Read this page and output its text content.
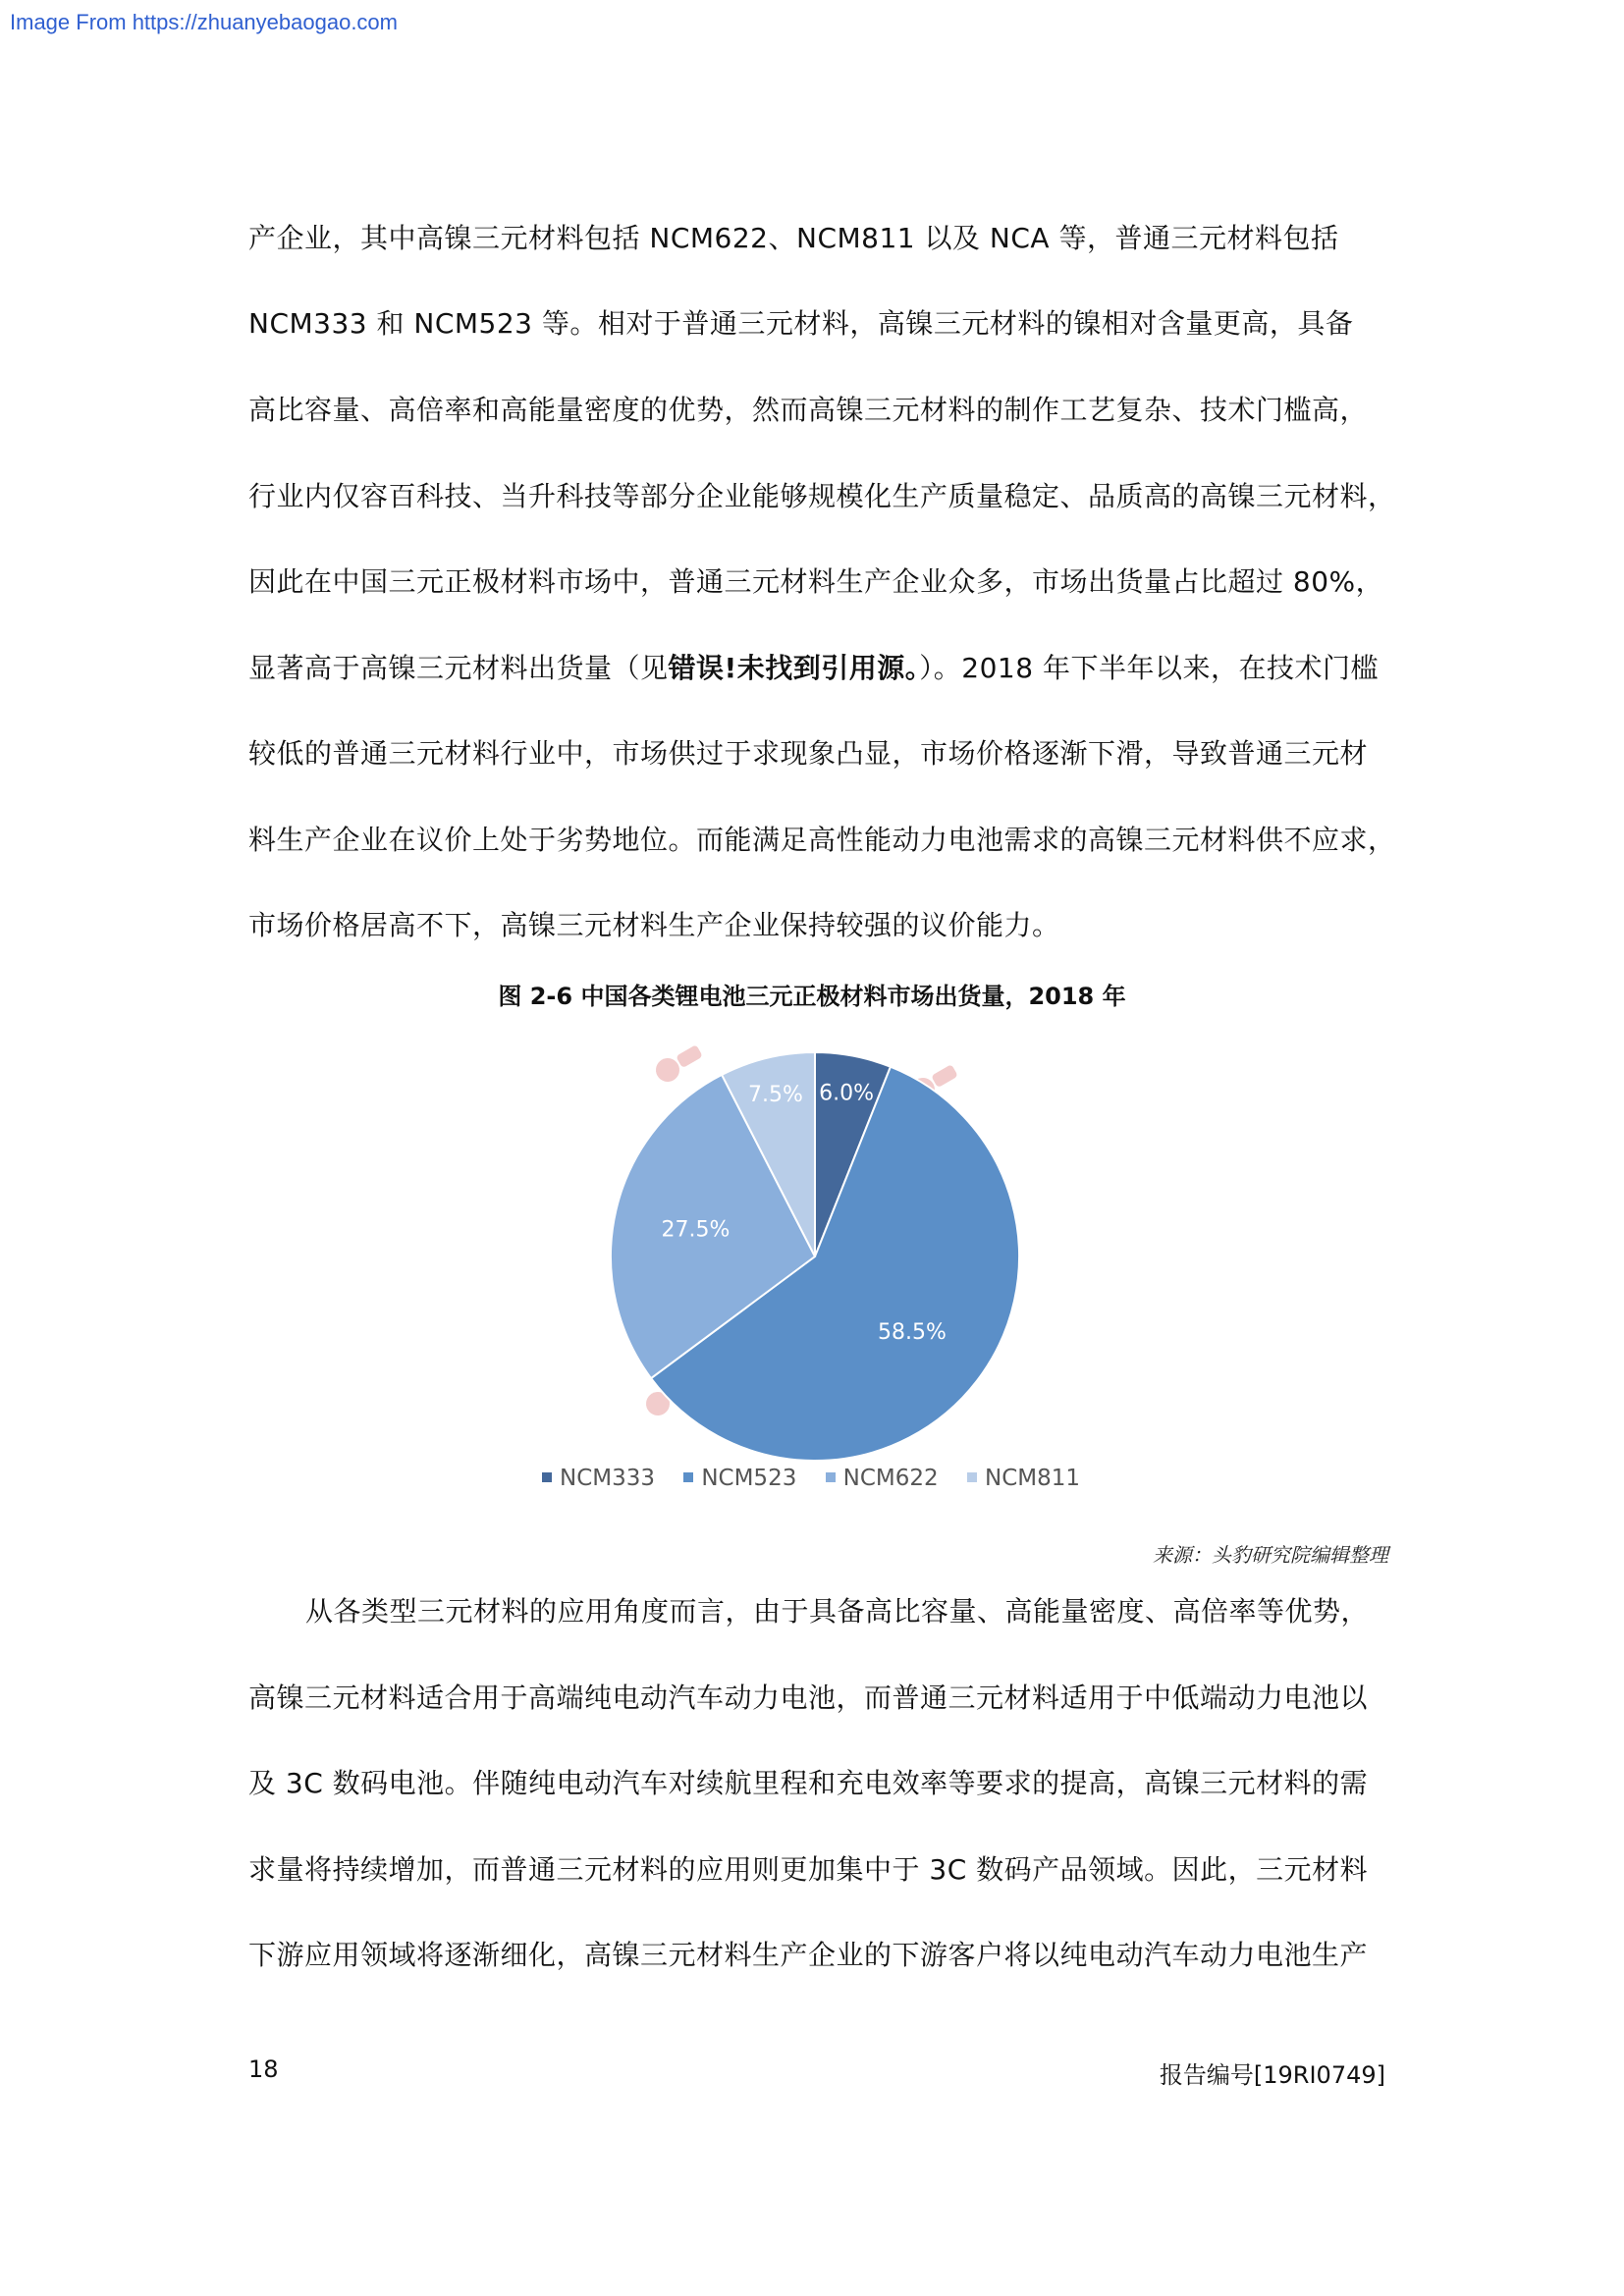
Image From https://zhuanyebaogao.com
产企业，其中高镍三元材料包括 NCM622、NCM811 以及 NCA 等，普通三元材料包括
NCM333 和 NCM523 等。相对于普通三元材料，高镍三元材料的镍相对含量更高，具备
高比容量、高倍率和高能量密度的优势，然而高镍三元材料的制作工艺复杂、技术门槛高，
行业内仅容百科技、当升科技等部分企业能够规模化生产质量稳定、品质高的高镍三元材料，
因此在中国三元正极材料市场中，普通三元材料生产企业众多，市场出货量占比超过 80%，
显著高于高镍三元材料出货量（见错误!未找到引用源。）。2018 年下半年以来，在技术门槛
较低的普通三元材料行业中，市场供过于求现象凸显，市场价格逐渐下滑，导致普通三元材
料生产企业在议价上处于劣势地位。而能满足高性能动力电池需求的高镍三元材料供不应求，
市场价格居高不下，高镍三元材料生产企业保持较强的议价能力。
图 2-6 中国各类锂电池三元正极材料市场出货量，2018 年
6.0%
58.5%
27.5%
7.5%
NCM333 NCM523 NCM622 NCM811
来源：头豹研究院编辑整理
从各类型三元材料的应用角度而言，由于具备高比容量、高能量密度、高倍率等优势，
高镍三元材料适合用于高端纯电动汽车动力电池，而普通三元材料适用于中低端动力电池以
及 3C 数码电池。伴随纯电动汽车对续航里程和充电效率等要求的提高，高镍三元材料的需
求量将持续增加，而普通三元材料的应用则更加集中于 3C 数码产品领域。因此，三元材料
下游应用领域将逐渐细化，高镍三元材料生产企业的下游客户将以纯电动汽车动力电池生产
18	报告编号[19RI0749]
